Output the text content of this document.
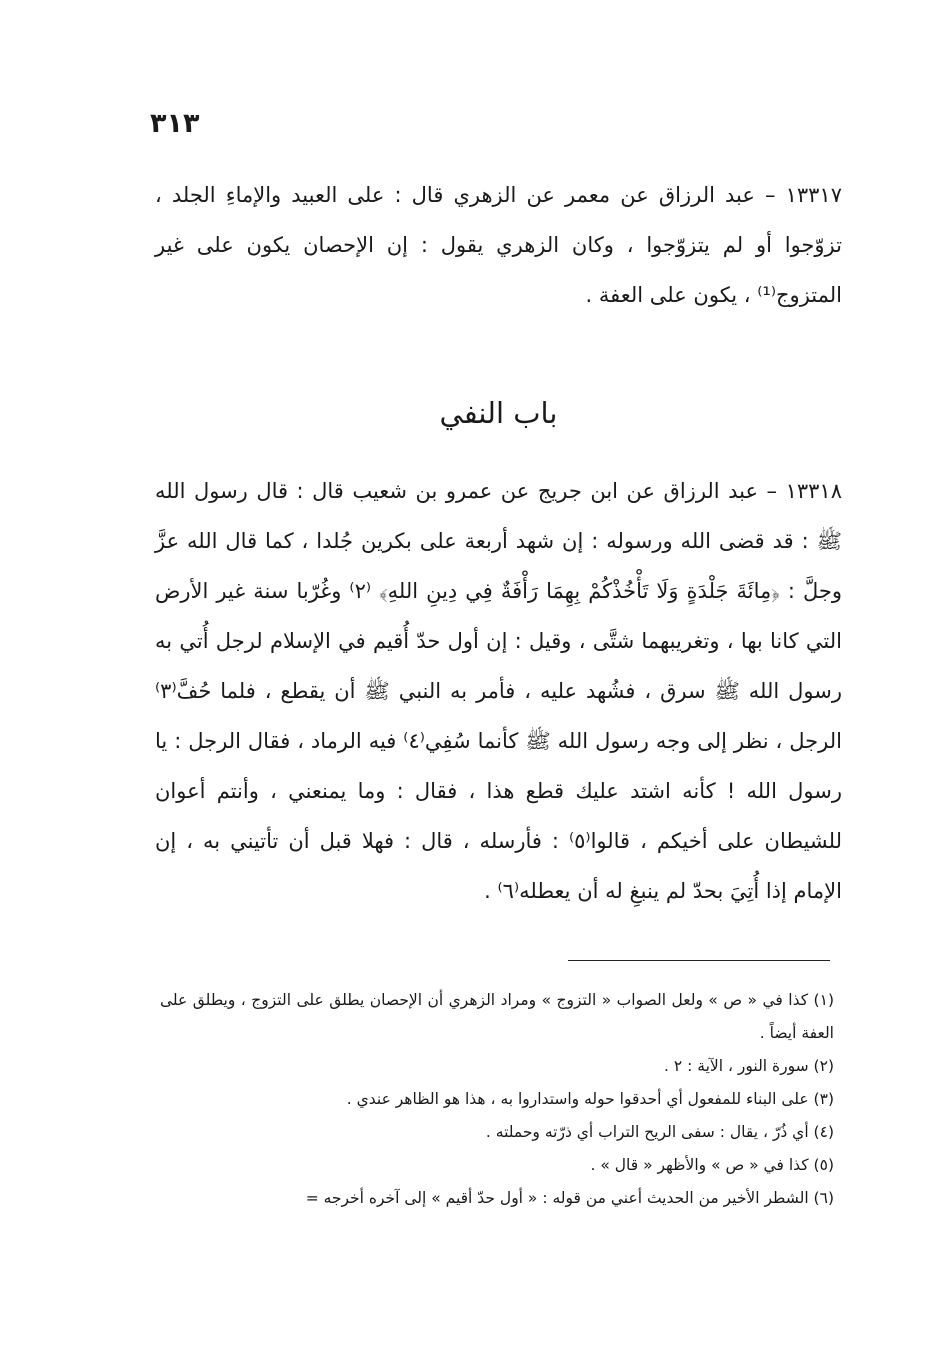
٣١٣

١٣٣١٧ – عبد الرزاق عن معمر عن الزهري قال : على العبيد والإماءِ الجلد ، تزوّجوا أو لم يتزوّجوا ، وكان الزهري يقول : إن الإحصان يكون على غير المتزوج⁽¹⁾ ، يكون على العفة .

باب النفي

١٣٣١٨ – عبد الرزاق عن ابن جريج عن عمرو بن شعيب قال : قال رسول الله ﷺ : قد قضى الله ورسوله : إن شهد أربعة على بكرين جُلدا ، كما قال الله عزَّ وجلَّ : ﴿مِائَةَ جَلْدَةٍ وَلَا تَأْخُذْكُمْ بِهِمَا رَأْفَةٌ فِي دِينِ اللهِ﴾ ⁽٢⁾ وغُرّبا سنة غير الأرض التي كانا بها ، وتغريبهما شتَّى ، وقيل : إن أول حدّ أُقيم في الإسلام لرجل أُتي به رسول الله ﷺ سرق ، فشُهد عليه ، فأمر به النبي ﷺ أن يقطع ، فلما حُفَّ⁽٣⁾ الرجل ، نظر إلى وجه رسول الله ﷺ كأنما سُفِي⁽٤⁾ فيه الرماد ، فقال الرجل : يا رسول الله ! كأنه اشتد عليك قطع هذا ، فقال : وما يمنعني ، وأنتم أعوان للشيطان على أخيكم ، قالوا⁽٥⁾ : فأرسله ، قال : فهلا قبل أن تأتيني به ، إن الإمام إذا أُتِيَ بحدّ لم ينبغِ له أن يعطله⁽٦⁾ .

(١) كذا في « ص » ولعل الصواب « التزوج » ومراد الزهري أن الإحصان يطلق على التزوج ، ويطلق على العفة أيضاً .
(٢) سورة النور ، الآية : ٢ .
(٣) على البناء للمفعول أي أحدقوا حوله واستداروا به ، هذا هو الظاهر عندي .
(٤) أي ذُرّ ، يقال : سفى الريح التراب أي ذرّته وحملته .
(٥) كذا في « ص » والأظهر « قال » .
(٦) الشطر الأخير من الحديث أعني من قوله : « أول حدّ أقيم » إلى آخره أخرجه =
